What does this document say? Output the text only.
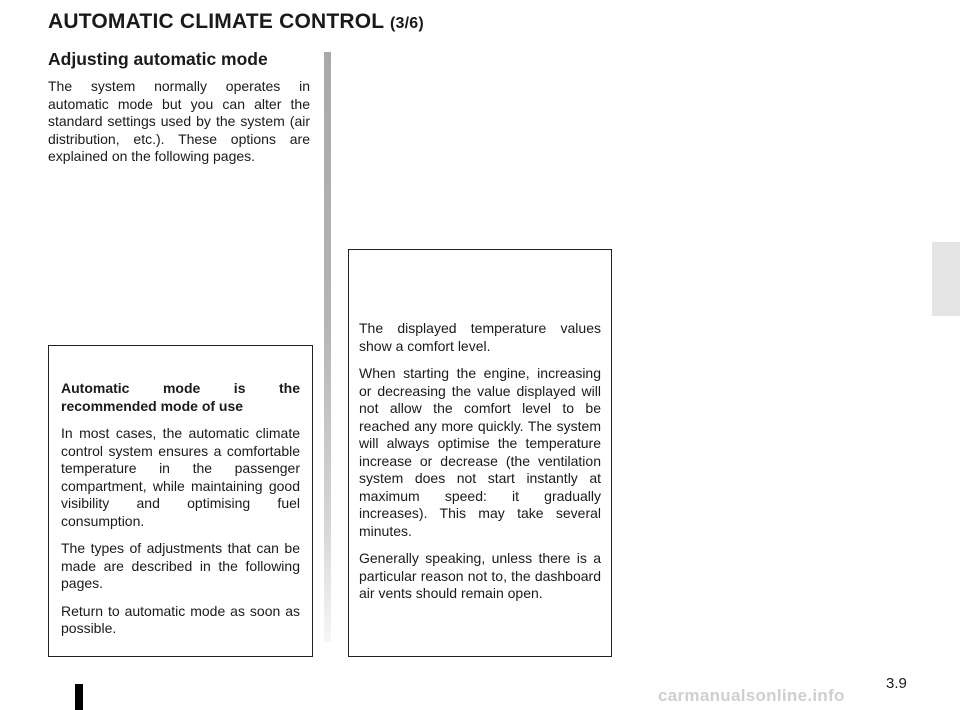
AUTOMATIC CLIMATE CONTROL (3/6)
Adjusting automatic mode

The system normally operates in automatic mode but you can alter the standard settings used by the system (air distribution, etc.). These options are explained on the following pages.

Automatic mode is the recommended mode of use

In most cases, the automatic climate control system ensures a comfortable temperature in the passenger compartment, while maintaining good visibility and optimising fuel consumption.

The types of adjustments that can be made are described in the following pages.

Return to automatic mode as soon as possible.

The displayed temperature values show a comfort level.

When starting the engine, increasing or decreasing the value displayed will not allow the comfort level to be reached any more quickly. The system will always optimise the temperature increase or decrease (the ventilation system does not start instantly at maximum speed: it gradually increases). This may take several minutes.

Generally speaking, unless there is a particular reason not to, the dashboard air vents should remain open.

3.9
carmanualsonline.info
